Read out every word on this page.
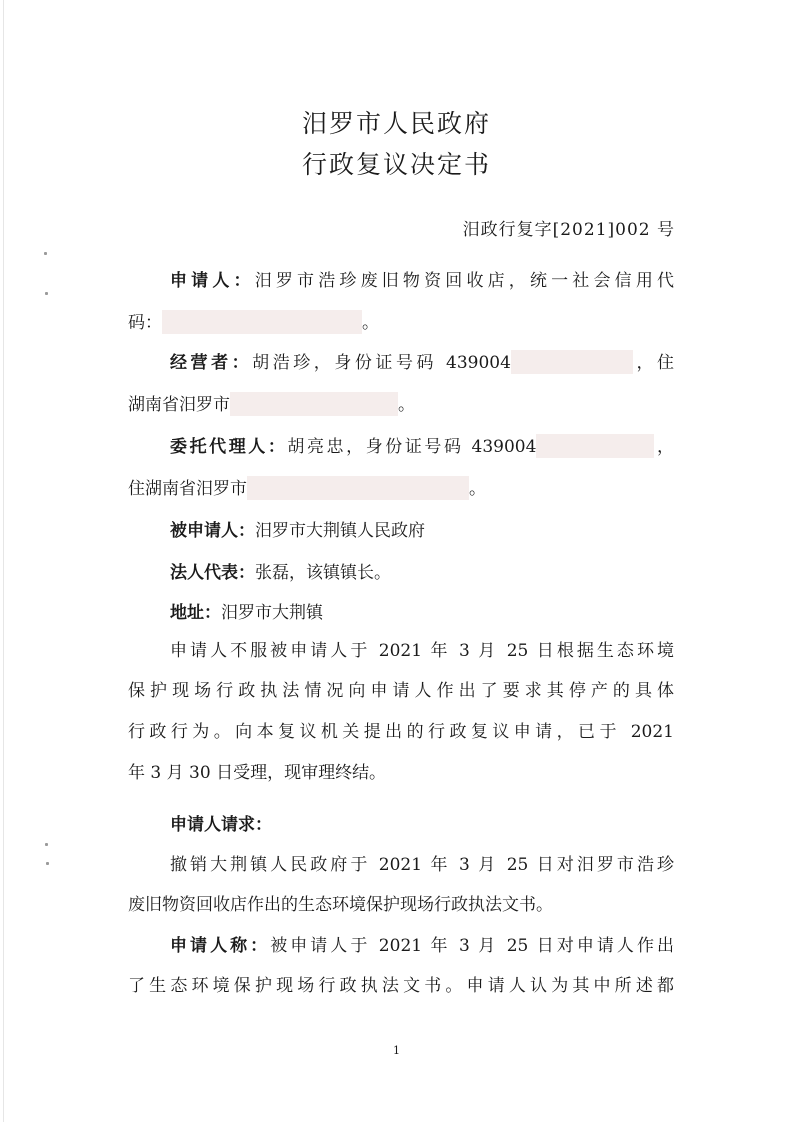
汨罗市人民政府
行政复议决定书
汨政行复字[2021]002 号
申请人：汨罗市浩珍废旧物资回收店，统一社会信用代
码：	。
经营者：胡浩珍，身份证号码 439004	，住
湖南省汨罗市	。
委托代理人：胡亮忠，身份证号码 439004	，
住湖南省汨罗市	。
被申请人：汨罗市大荆镇人民政府
法人代表：张磊，该镇镇长。
地址：汨罗市大荆镇
申请人不服被申请人于 2021 年 3 月 25 日根据生态环境
保护现场行政执法情况向申请人作出了要求其停产的具体
行政行为。向本复议机关提出的行政复议申请，已于 2021
年 3 月 30 日受理，现审理终结。
申请人请求：
撤销大荆镇人民政府于 2021 年 3 月 25 日对汨罗市浩珍
废旧物资回收店作出的生态环境保护现场行政执法文书。
申请人称：被申请人于 2021 年 3 月 25 日对申请人作出
了生态环境保护现场行政执法文书。申请人认为其中所述都
1
